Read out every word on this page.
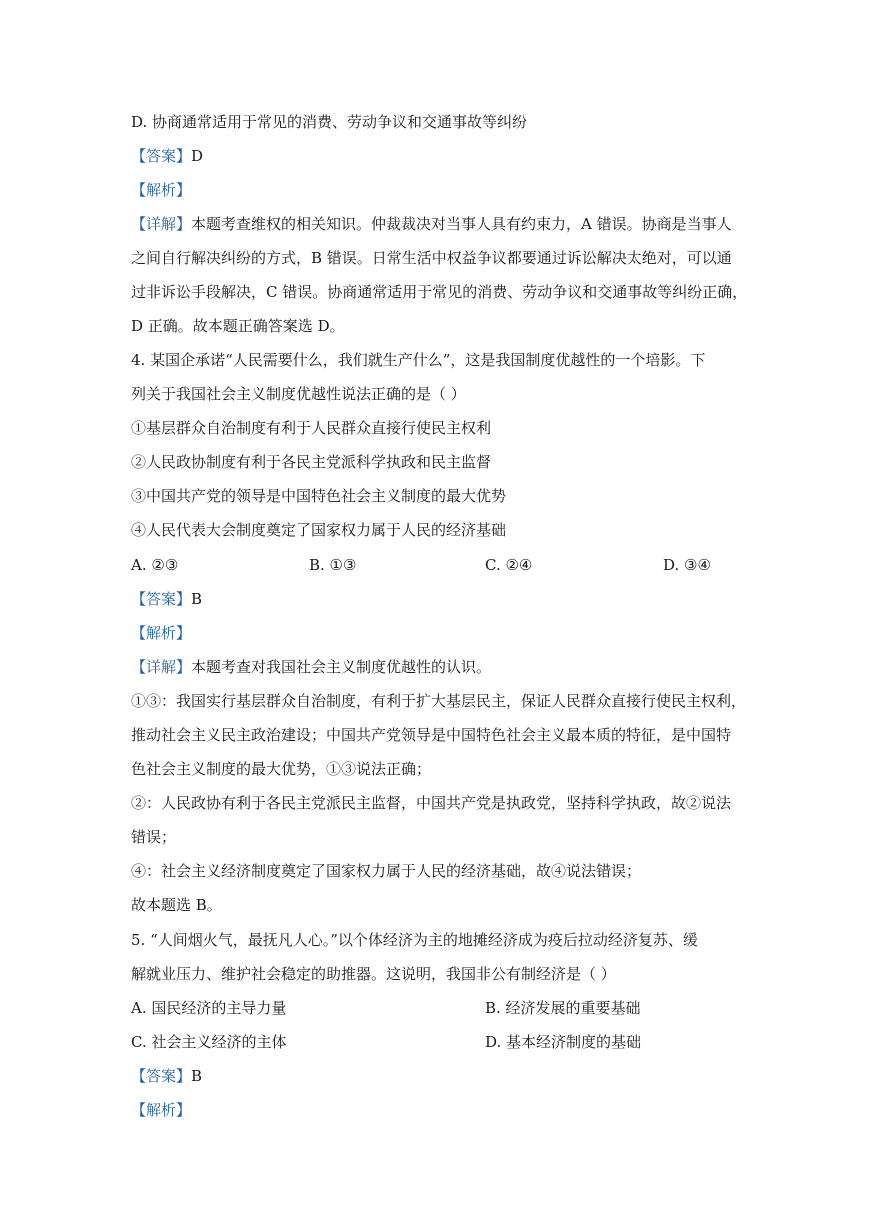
D. 协商通常适用于常见的消费、劳动争议和交通事故等纠纷
【答案】D
【解析】
【详解】本题考查维权的相关知识。仲裁裁决对当事人具有约束力，A 错误。协商是当事人
之间自行解决纠纷的方式，B 错误。日常生活中权益争议都要通过诉讼解决太绝对，可以通
过非诉讼手段解决，C 错误。协商通常适用于常见的消费、劳动争议和交通事故等纠纷正确，
D 正确。故本题正确答案选 D。
4. 某国企承诺“人民需要什么，我们就生产什么”，这是我国制度优越性的一个培影。下
列关于我国社会主义制度优越性说法正确的是（ ）
①基层群众自治制度有利于人民群众直接行使民主权利
②人民政协制度有利于各民主党派科学执政和民主监督
③中国共产党的领导是中国特色社会主义制度的最大优势
④人民代表大会制度奠定了国家权力属于人民的经济基础
A. ②③	B. ①③	C. ②④	D. ③④
【答案】B
【解析】
【详解】本题考查对我国社会主义制度优越性的认识。
①③：我国实行基层群众自治制度，有利于扩大基层民主，保证人民群众直接行使民主权利，
推动社会主义民主政治建设；中国共产党领导是中国特色社会主义最本质的特征，是中国特
色社会主义制度的最大优势，①③说法正确；
②：人民政协有利于各民主党派民主监督，中国共产党是执政党，坚持科学执政，故②说法
错误；
④：社会主义经济制度奠定了国家权力属于人民的经济基础，故④说法错误；
故本题选 B。
5. “人间烟火气，最抚凡人心。”以个体经济为主的地摊经济成为疫后拉动经济复苏、缓
解就业压力、维护社会稳定的助推器。这说明，我国非公有制经济是（ ）
A. 国民经济的主导力量	B. 经济发展的重要基础
C. 社会主义经济的主体	D. 基本经济制度的基础
【答案】B
【解析】
